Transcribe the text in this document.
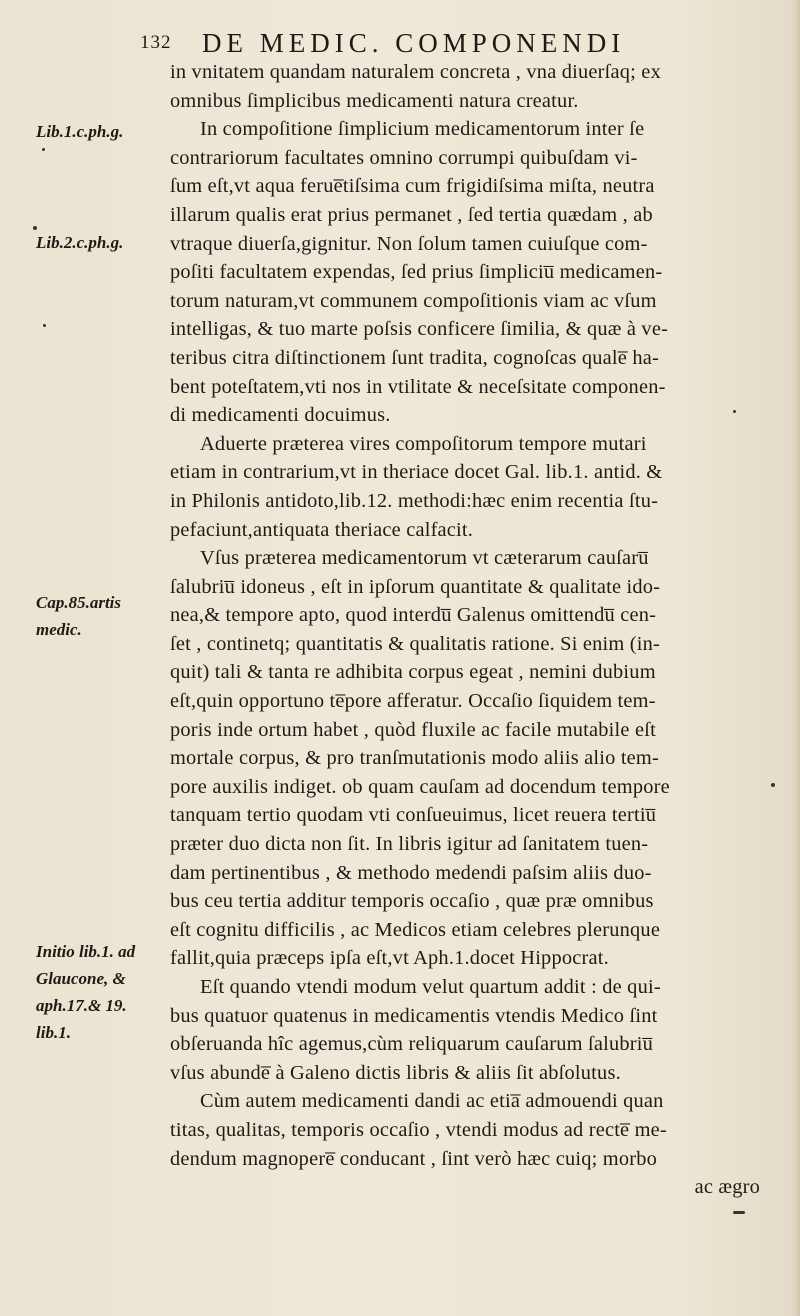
132 DE MEDIC. COMPONENDI
Lib.1.c.ph.g.
Lib.2.c.ph.g.
Cap.85.artis
medic.
Initio lib.1. ad
Glaucone, &
aph.17.& 19.
lib.1.
in vnitatem quandam naturalem concreta , vna diuerſaq; ex
omnibus ſimplicibus medicamenti natura creatur.
In compoſitione ſimplicium medicamentorum inter ſe
contrariorum facultates omnino corrumpi quibuſdam vi-
ſum eſt,vt aqua ferue̅tiſsima cum frigidiſsima miſta, neutra
illarum qualis erat prius permanet , ſed tertia quædam , ab
vtraque diuerſa,gignitur. Non ſolum tamen cuiuſque com-
poſiti facultatem expendas, ſed prius ſimpliciu̅ medicamen-
torum naturam,vt communem compoſitionis viam ac vſum
intelligas, & tuo marte poſsis conficere ſimilia, & quæ à ve-
teribus citra diſtinctionem ſunt tradita, cognoſcas quale̅ ha-
bent poteſtatem,vti nos in vtilitate & neceſsitate componen-
di medicamenti docuimus.
Aduerte præterea vires compoſitorum tempore mutari
etiam in contrarium,vt in theriace docet Gal. lib.1. antid. &
in Philonis antidoto,lib.12. methodi:hæc enim recentia ſtu-
pefaciunt,antiquata theriace calfacit.
Vſus præterea medicamentorum vt cæterarum cauſaru̅
ſalubriu̅ idoneus , eſt in ipſorum quantitate & qualitate ido-
nea,& tempore apto, quod interdu̅ Galenus omittendu̅ cen-
ſet , continetq; quantitatis & qualitatis ratione. Si enim (in-
quit) tali & tanta re adhibita corpus egeat , nemini dubium
eſt,quin opportuno te̅pore afferatur. Occaſio ſiquidem tem-
poris inde ortum habet , quòd fluxile ac facile mutabile eſt
mortale corpus, & pro tranſmutationis modo aliis alio tem-
pore auxilis indiget. ob quam cauſam ad docendum tempore
tanquam tertio quodam vti conſueuimus, licet reuera tertiu̅
præter duo dicta non ſit. In libris igitur ad ſanitatem tuen-
dam pertinentibus , & methodo medendi paſsim aliis duo-
bus ceu tertia additur temporis occaſio , quæ præ omnibus
eſt cognitu difficilis , ac Medicos etiam celebres plerunque
fallit,quia præceps ipſa eſt,vt Aph.1.docet Hippocrat.
Eſt quando vtendi modum velut quartum addit : de qui-
bus quatuor quatenus in medicamentis vtendis Medico ſint
obſeruanda hîc agemus,cùm reliquarum cauſarum ſalubriu̅
vſus abunde̅ à Galeno dictis libris & aliis ſit abſolutus.
Cùm autem medicamenti dandi ac etia̅ admouendi quan
titas, qualitas, temporis occaſio , vtendi modus ad recte̅ me-
dendum magnopere̅ conducant , ſint verò hæc cuiq; morbo
ac ægro
